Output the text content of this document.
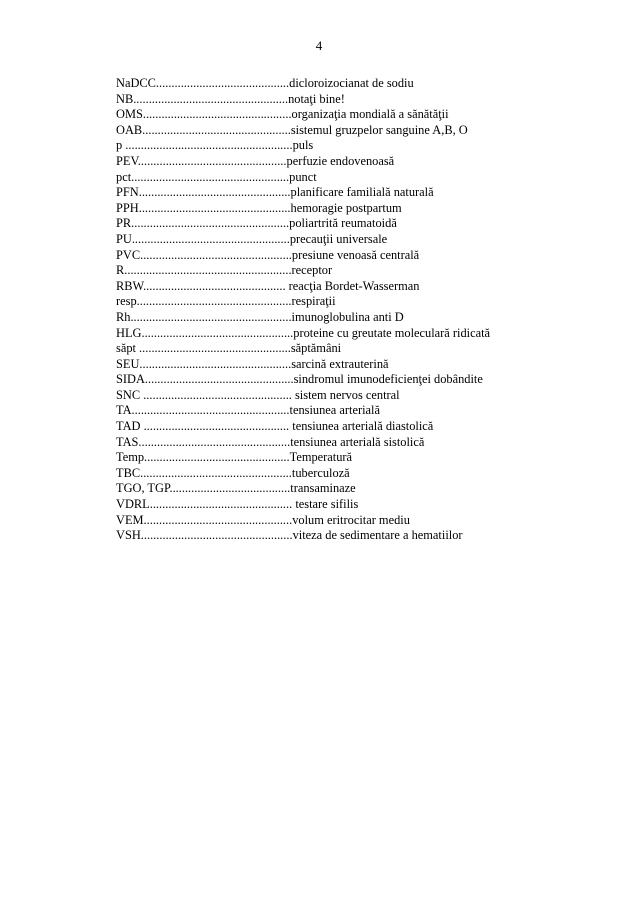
4
NaDCC...........................................dicloroizocianat de sodiu
NB..................................................notaţi bine!
OMS................................................organizaţia mondială a sănătăţii
OAB................................................sistemul gruzpelor sanguine A,B, O
p ......................................................puls
PEV................................................perfuzie endovenoasă
pct...................................................punct
PFN.................................................planificare familială naturală
PPH.................................................hemoragie postpartum
PR...................................................poliartrită reumatoidă
PU...................................................precauţii universale
PVC.................................................presiune venoasă centrală
R......................................................receptor
RBW.............................................. reacţia Bordet-Wasserman
resp..................................................respiraţii
Rh....................................................imunoglobulina anti D
HLG.................................................proteine cu greutate moleculară ridicată
săpt .................................................săptămâni
SEU.................................................sarcină extrauterină
SIDA................................................sindromul imunodeficienţei dobândite
SNC ................................................ sistem nervos central
TA...................................................tensiunea arterială
TAD ............................................... tensiunea arterială diastolică
TAS.................................................tensiunea arterială sistolică
Temp...............................................Temperatură
TBC.................................................tuberculoză
TGO, TGP.......................................transaminaze
VDRL.............................................. testare sifilis
VEM................................................volum eritrocitar mediu
VSH.................................................viteza de sedimentare a hematiilor
